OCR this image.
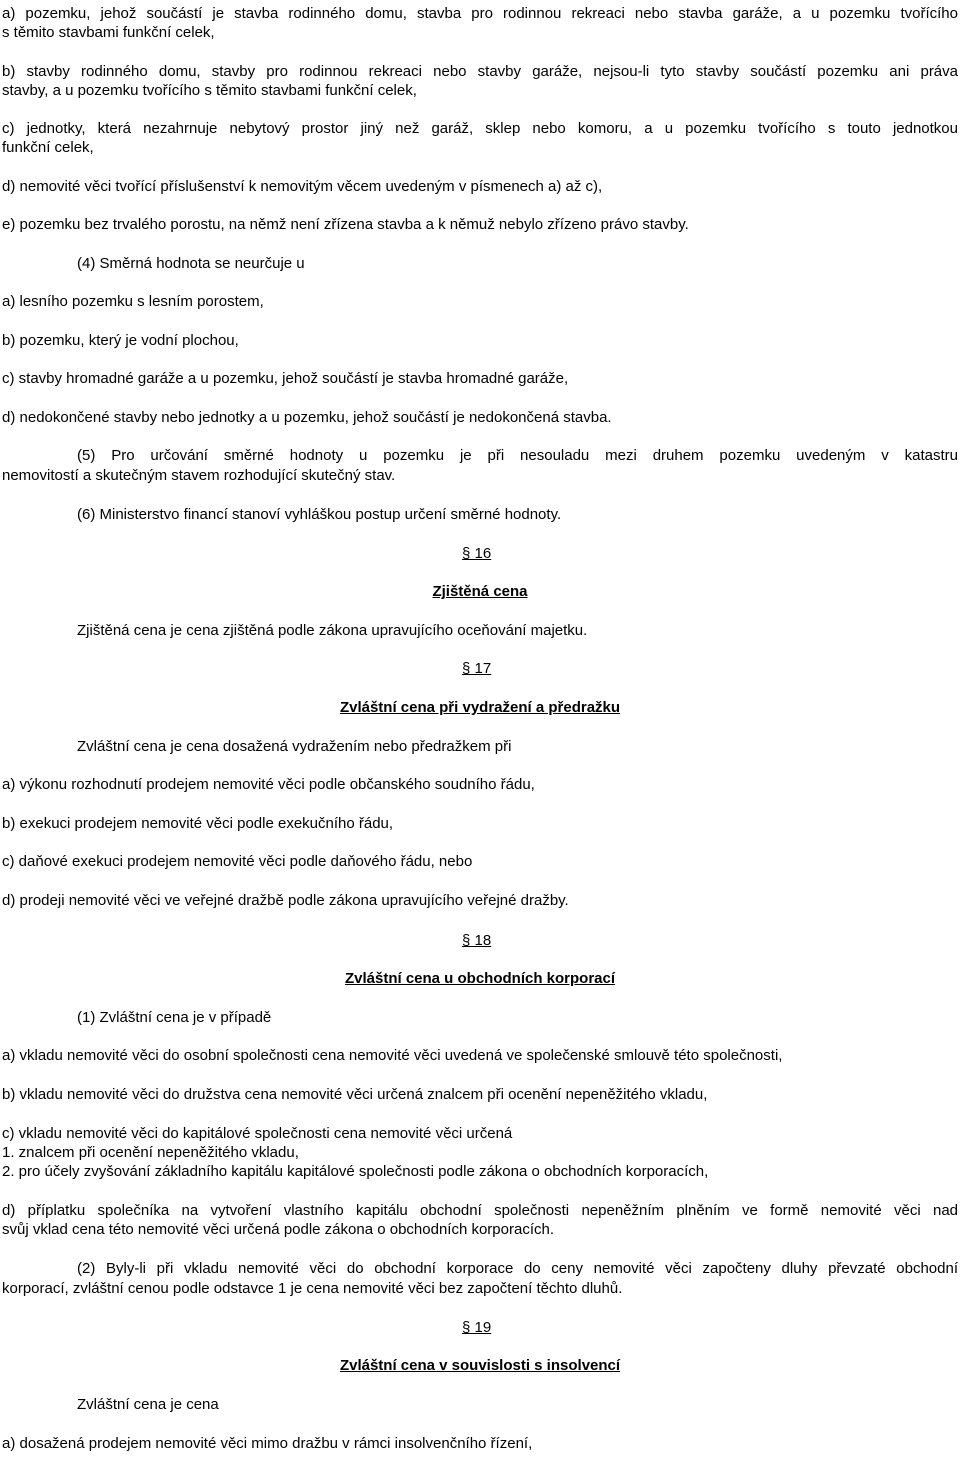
a) pozemku, jehož součástí je stavba rodinného domu, stavba pro rodinnou rekreaci nebo stavba garáže, a u pozemku tvořícího
s těmito stavbami funkční celek,
b) stavby rodinného domu, stavby pro rodinnou rekreaci nebo stavby garáže, nejsou-li tyto stavby součástí pozemku ani práva
stavby, a u pozemku tvořícího s těmito stavbami funkční celek,
c) jednotky, která nezahrnuje nebytový prostor jiný než garáž, sklep nebo komoru, a u pozemku tvořícího s touto jednotkou
funkční celek,
d) nemovité věci tvořící příslušenství k nemovitým věcem uvedeným v písmenech a) až c),
e) pozemku bez trvalého porostu, na němž není zřízena stavba a k němuž nebylo zřízeno právo stavby.
(4) Směrná hodnota se neurčuje u
a) lesního pozemku s lesním porostem,
b) pozemku, který je vodní plochou,
c) stavby hromadné garáže a u pozemku, jehož součástí je stavba hromadné garáže,
d) nedokončené stavby nebo jednotky a u pozemku, jehož součástí je nedokončená stavba.
(5) Pro určování směrné hodnoty u pozemku je při nesouladu mezi druhem pozemku uvedeným v katastru
nemovitostí a skutečným stavem rozhodující skutečný stav.
(6) Ministerstvo financí stanoví vyhláškou postup určení směrné hodnoty.
§ 16
Zjištěná cena
Zjištěná cena je cena zjištěná podle zákona upravujícího oceňování majetku.
§ 17
Zvláštní cena při vydražení a předražku
Zvláštní cena je cena dosažená vydražením nebo předražkem při
a) výkonu rozhodnutí prodejem nemovité věci podle občanského soudního řádu,
b) exekuci prodejem nemovité věci podle exekučního řádu,
c) daňové exekuci prodejem nemovité věci podle daňového řádu, nebo
d) prodeji nemovité věci ve veřejné dražbě podle zákona upravujícího veřejné dražby.
§ 18
Zvláštní cena u obchodních korporací
(1) Zvláštní cena je v případě
a) vkladu nemovité věci do osobní společnosti cena nemovité věci uvedená ve společenské smlouvě této společnosti,
b) vkladu nemovité věci do družstva cena nemovité věci určená znalcem při ocenění nepeněžitého vkladu,
c) vkladu nemovité věci do kapitálové společnosti cena nemovité věci určená
1. znalcem při ocenění nepeněžitého vkladu,
2. pro účely zvyšování základního kapitálu kapitálové společnosti podle zákona o obchodních korporacích,
d) příplatku společníka na vytvoření vlastního kapitálu obchodní společnosti nepeněžním plněním ve formě nemovité věci nad
svůj vklad cena této nemovité věci určená podle zákona o obchodních korporacích.
(2) Byly-li při vkladu nemovité věci do obchodní korporace do ceny nemovité věci započteny dluhy převzaté obchodní
korporací, zvláštní cenou podle odstavce 1 je cena nemovité věci bez započtení těchto dluhů.
§ 19
Zvláštní cena v souvislosti s insolvencí
Zvláštní cena je cena
a) dosažená prodejem nemovité věci mimo dražbu v rámci insolvenčního řízení,
